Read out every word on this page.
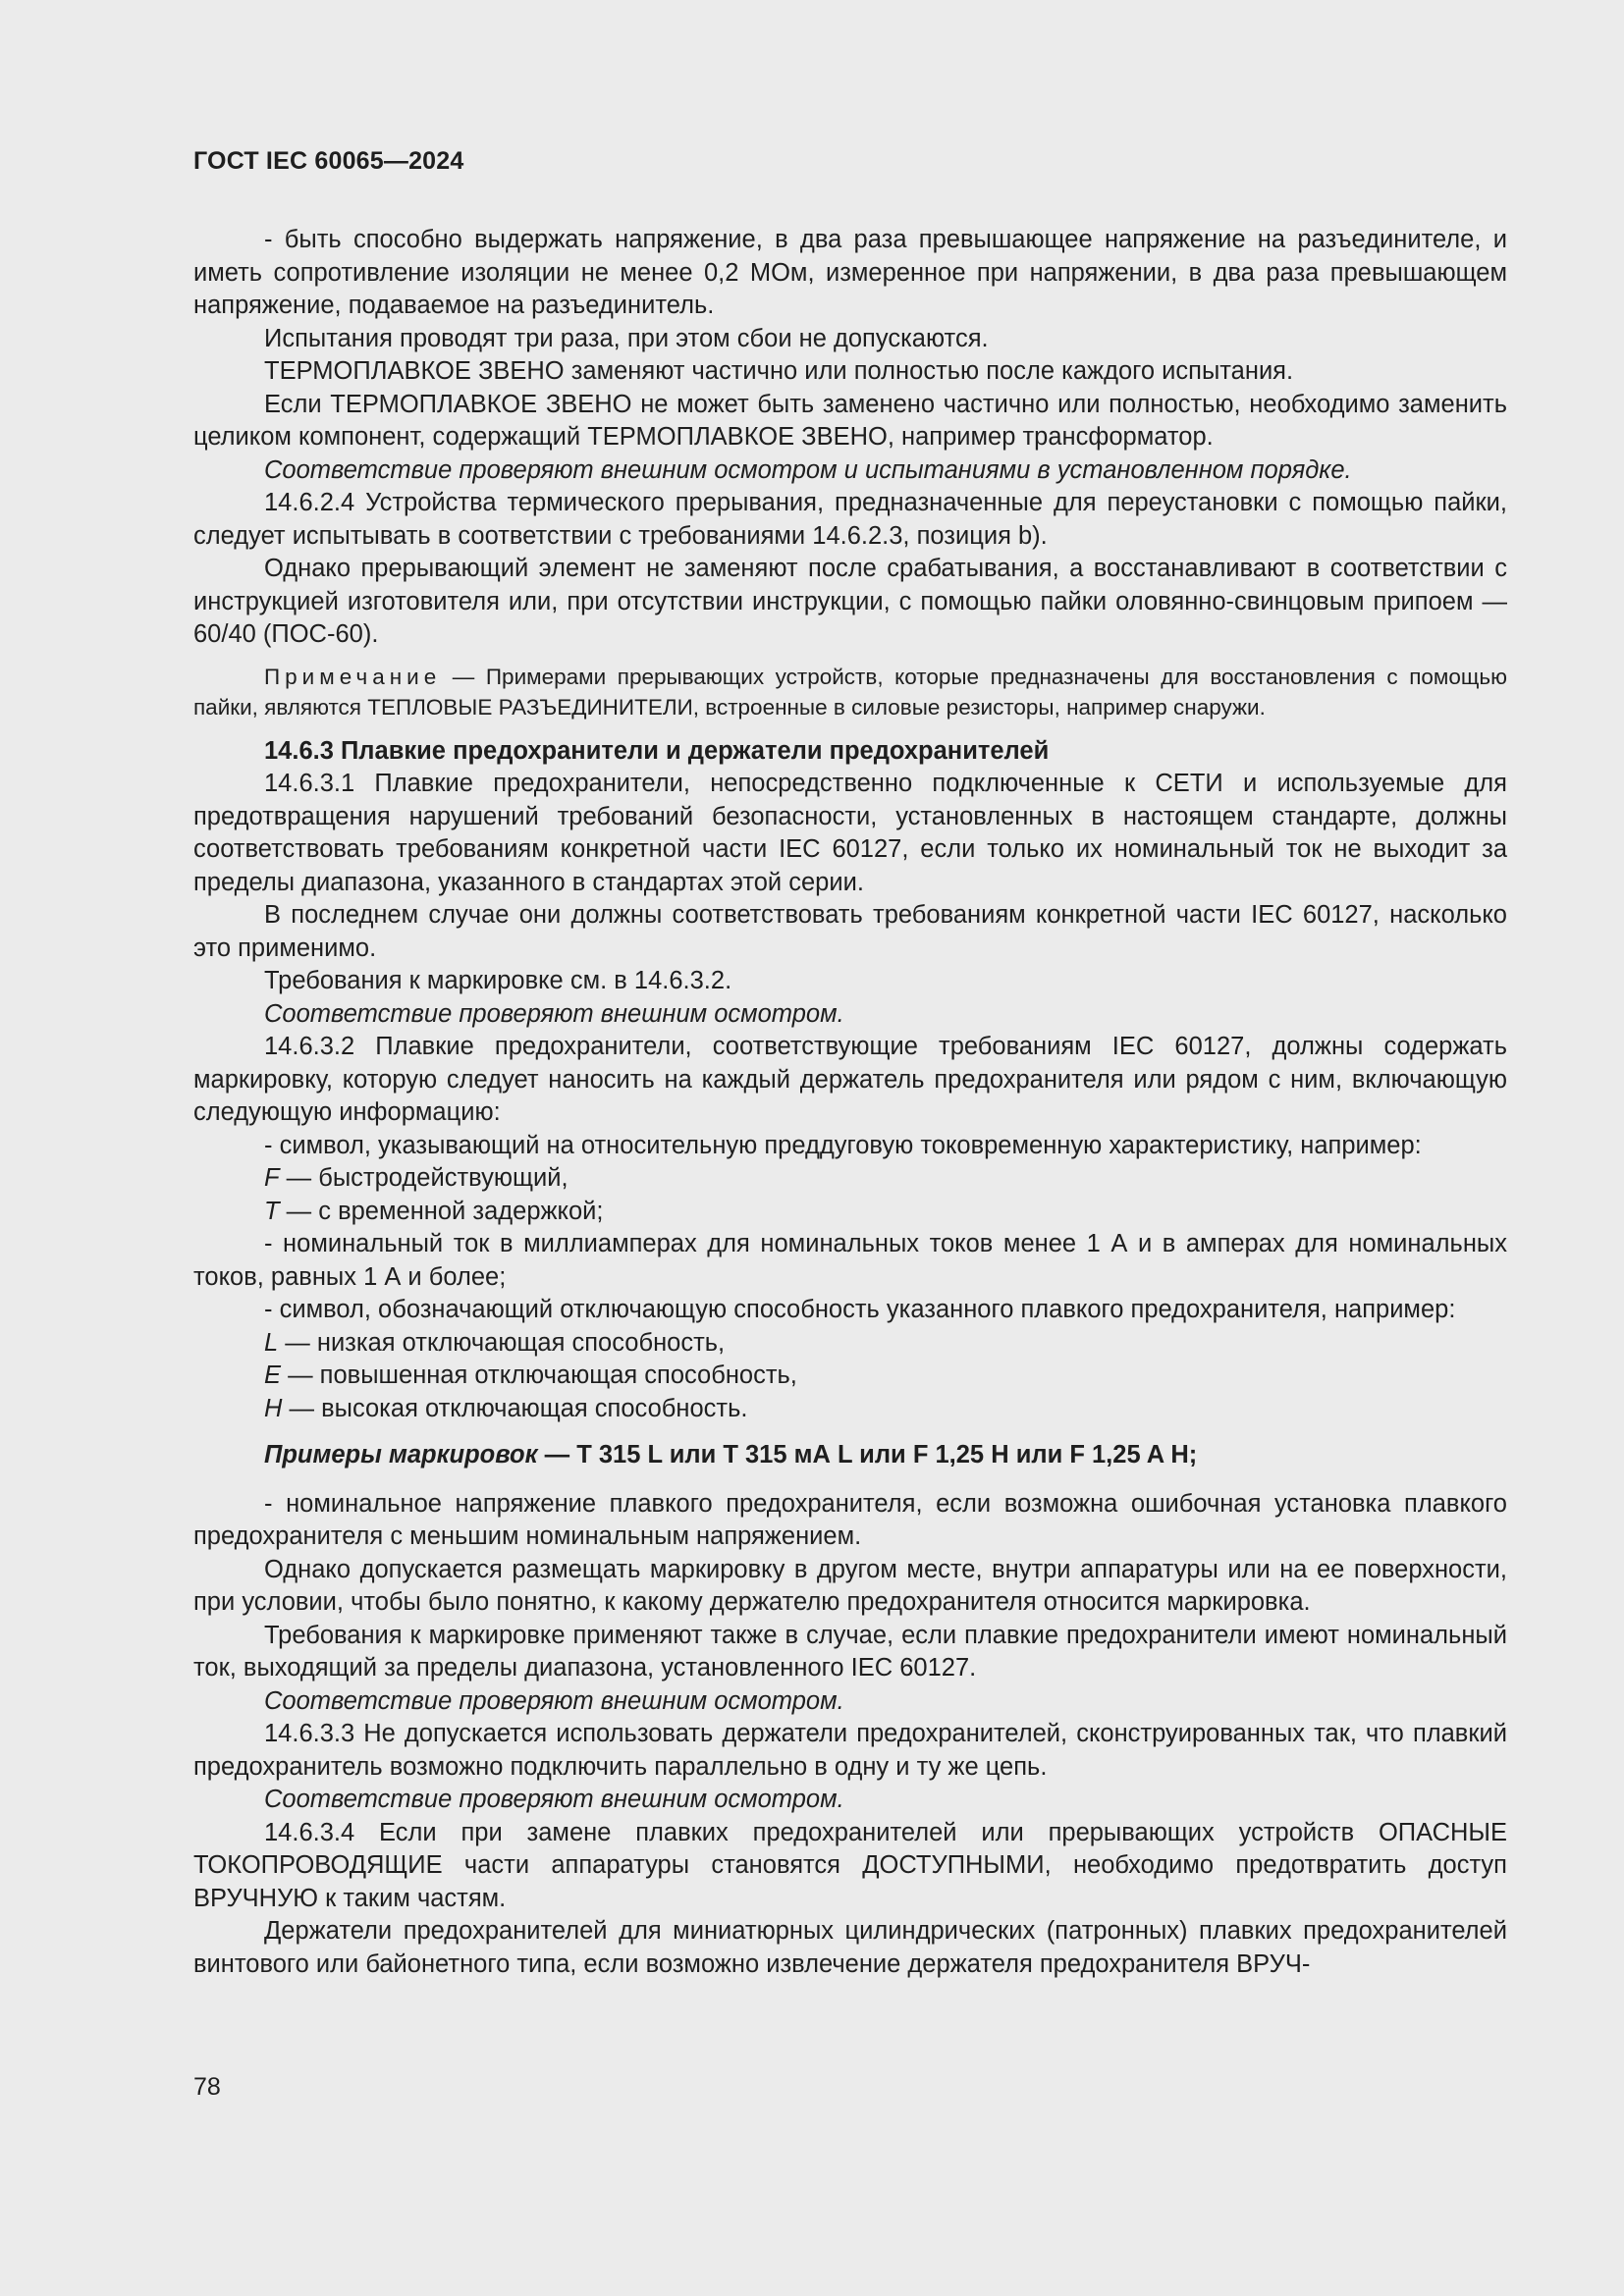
ГОСТ IEC 60065—2024

- быть способно выдержать напряжение, в два раза превышающее напряжение на разъединителе, и иметь сопротивление изоляции не менее 0,2 МОм, измеренное при напряжении, в два раза превышающем напряжение, подаваемое на разъединитель.

Испытания проводят три раза, при этом сбои не допускаются.

ТЕРМОПЛАВКОЕ ЗВЕНО заменяют частично или полностью после каждого испытания.

Если ТЕРМОПЛАВКОЕ ЗВЕНО не может быть заменено частично или полностью, необходимо заменить целиком компонент, содержащий ТЕРМОПЛАВКОЕ ЗВЕНО, например трансформатор.

Соответствие проверяют внешним осмотром и испытаниями в установленном порядке.

14.6.2.4 Устройства термического прерывания, предназначенные для переустановки с помощью пайки, следует испытывать в соответствии с требованиями 14.6.2.3, позиция b).

Однако прерывающий элемент не заменяют после срабатывания, а восстанавливают в соответствии с инструкцией изготовителя или, при отсутствии инструкции, с помощью пайки оловянно-свинцовым припоем — 60/40 (ПОС-60).

Примечание — Примерами прерывающих устройств, которые предназначены для восстановления с помощью пайки, являются ТЕПЛОВЫЕ РАЗЪЕДИНИТЕЛИ, встроенные в силовые резисторы, например снаружи.

14.6.3 Плавкие предохранители и держатели предохранителей

14.6.3.1 Плавкие предохранители, непосредственно подключенные к СЕТИ и используемые для предотвращения нарушений требований безопасности, установленных в настоящем стандарте, должны соответствовать требованиям конкретной части IEC 60127, если только их номинальный ток не выходит за пределы диапазона, указанного в стандартах этой серии.

В последнем случае они должны соответствовать требованиям конкретной части IEC 60127, насколько это применимо.

Требования к маркировке см. в 14.6.3.2.

Соответствие проверяют внешним осмотром.

14.6.3.2 Плавкие предохранители, соответствующие требованиям IEC 60127, должны содержать маркировку, которую следует наносить на каждый держатель предохранителя или рядом с ним, включающую следующую информацию:

- символ, указывающий на относительную преддуговую токовременную характеристику, например:

F — быстродействующий,

T — с временной задержкой;

- номинальный ток в миллиамперах для номинальных токов менее 1 А и в амперах для номинальных токов, равных 1 А и более;

- символ, обозначающий отключающую способность указанного плавкого предохранителя, например:

L — низкая отключающая способность,

E — повышенная отключающая способность,

H — высокая отключающая способность.

Примеры маркировок — T 315 L или T 315 мА L или F 1,25 H или F 1,25 A H;

- номинальное напряжение плавкого предохранителя, если возможна ошибочная установка плавкого предохранителя с меньшим номинальным напряжением.

Однако допускается размещать маркировку в другом месте, внутри аппаратуры или на ее поверхности, при условии, чтобы было понятно, к какому держателю предохранителя относится маркировка.

Требования к маркировке применяют также в случае, если плавкие предохранители имеют номинальный ток, выходящий за пределы диапазона, установленного IEC 60127.

Соответствие проверяют внешним осмотром.

14.6.3.3 Не допускается использовать держатели предохранителей, сконструированных так, что плавкий предохранитель возможно подключить параллельно в одну и ту же цепь.

Соответствие проверяют внешним осмотром.

14.6.3.4 Если при замене плавких предохранителей или прерывающих устройств ОПАСНЫЕ ТОКОПРОВОДЯЩИЕ части аппаратуры становятся ДОСТУПНЫМИ, необходимо предотвратить доступ ВРУЧНУЮ к таким частям.

Держатели предохранителей для миниатюрных цилиндрических (патронных) плавких предохранителей винтового или байонетного типа, если возможно извлечение держателя предохранителя ВРУЧ-

78
